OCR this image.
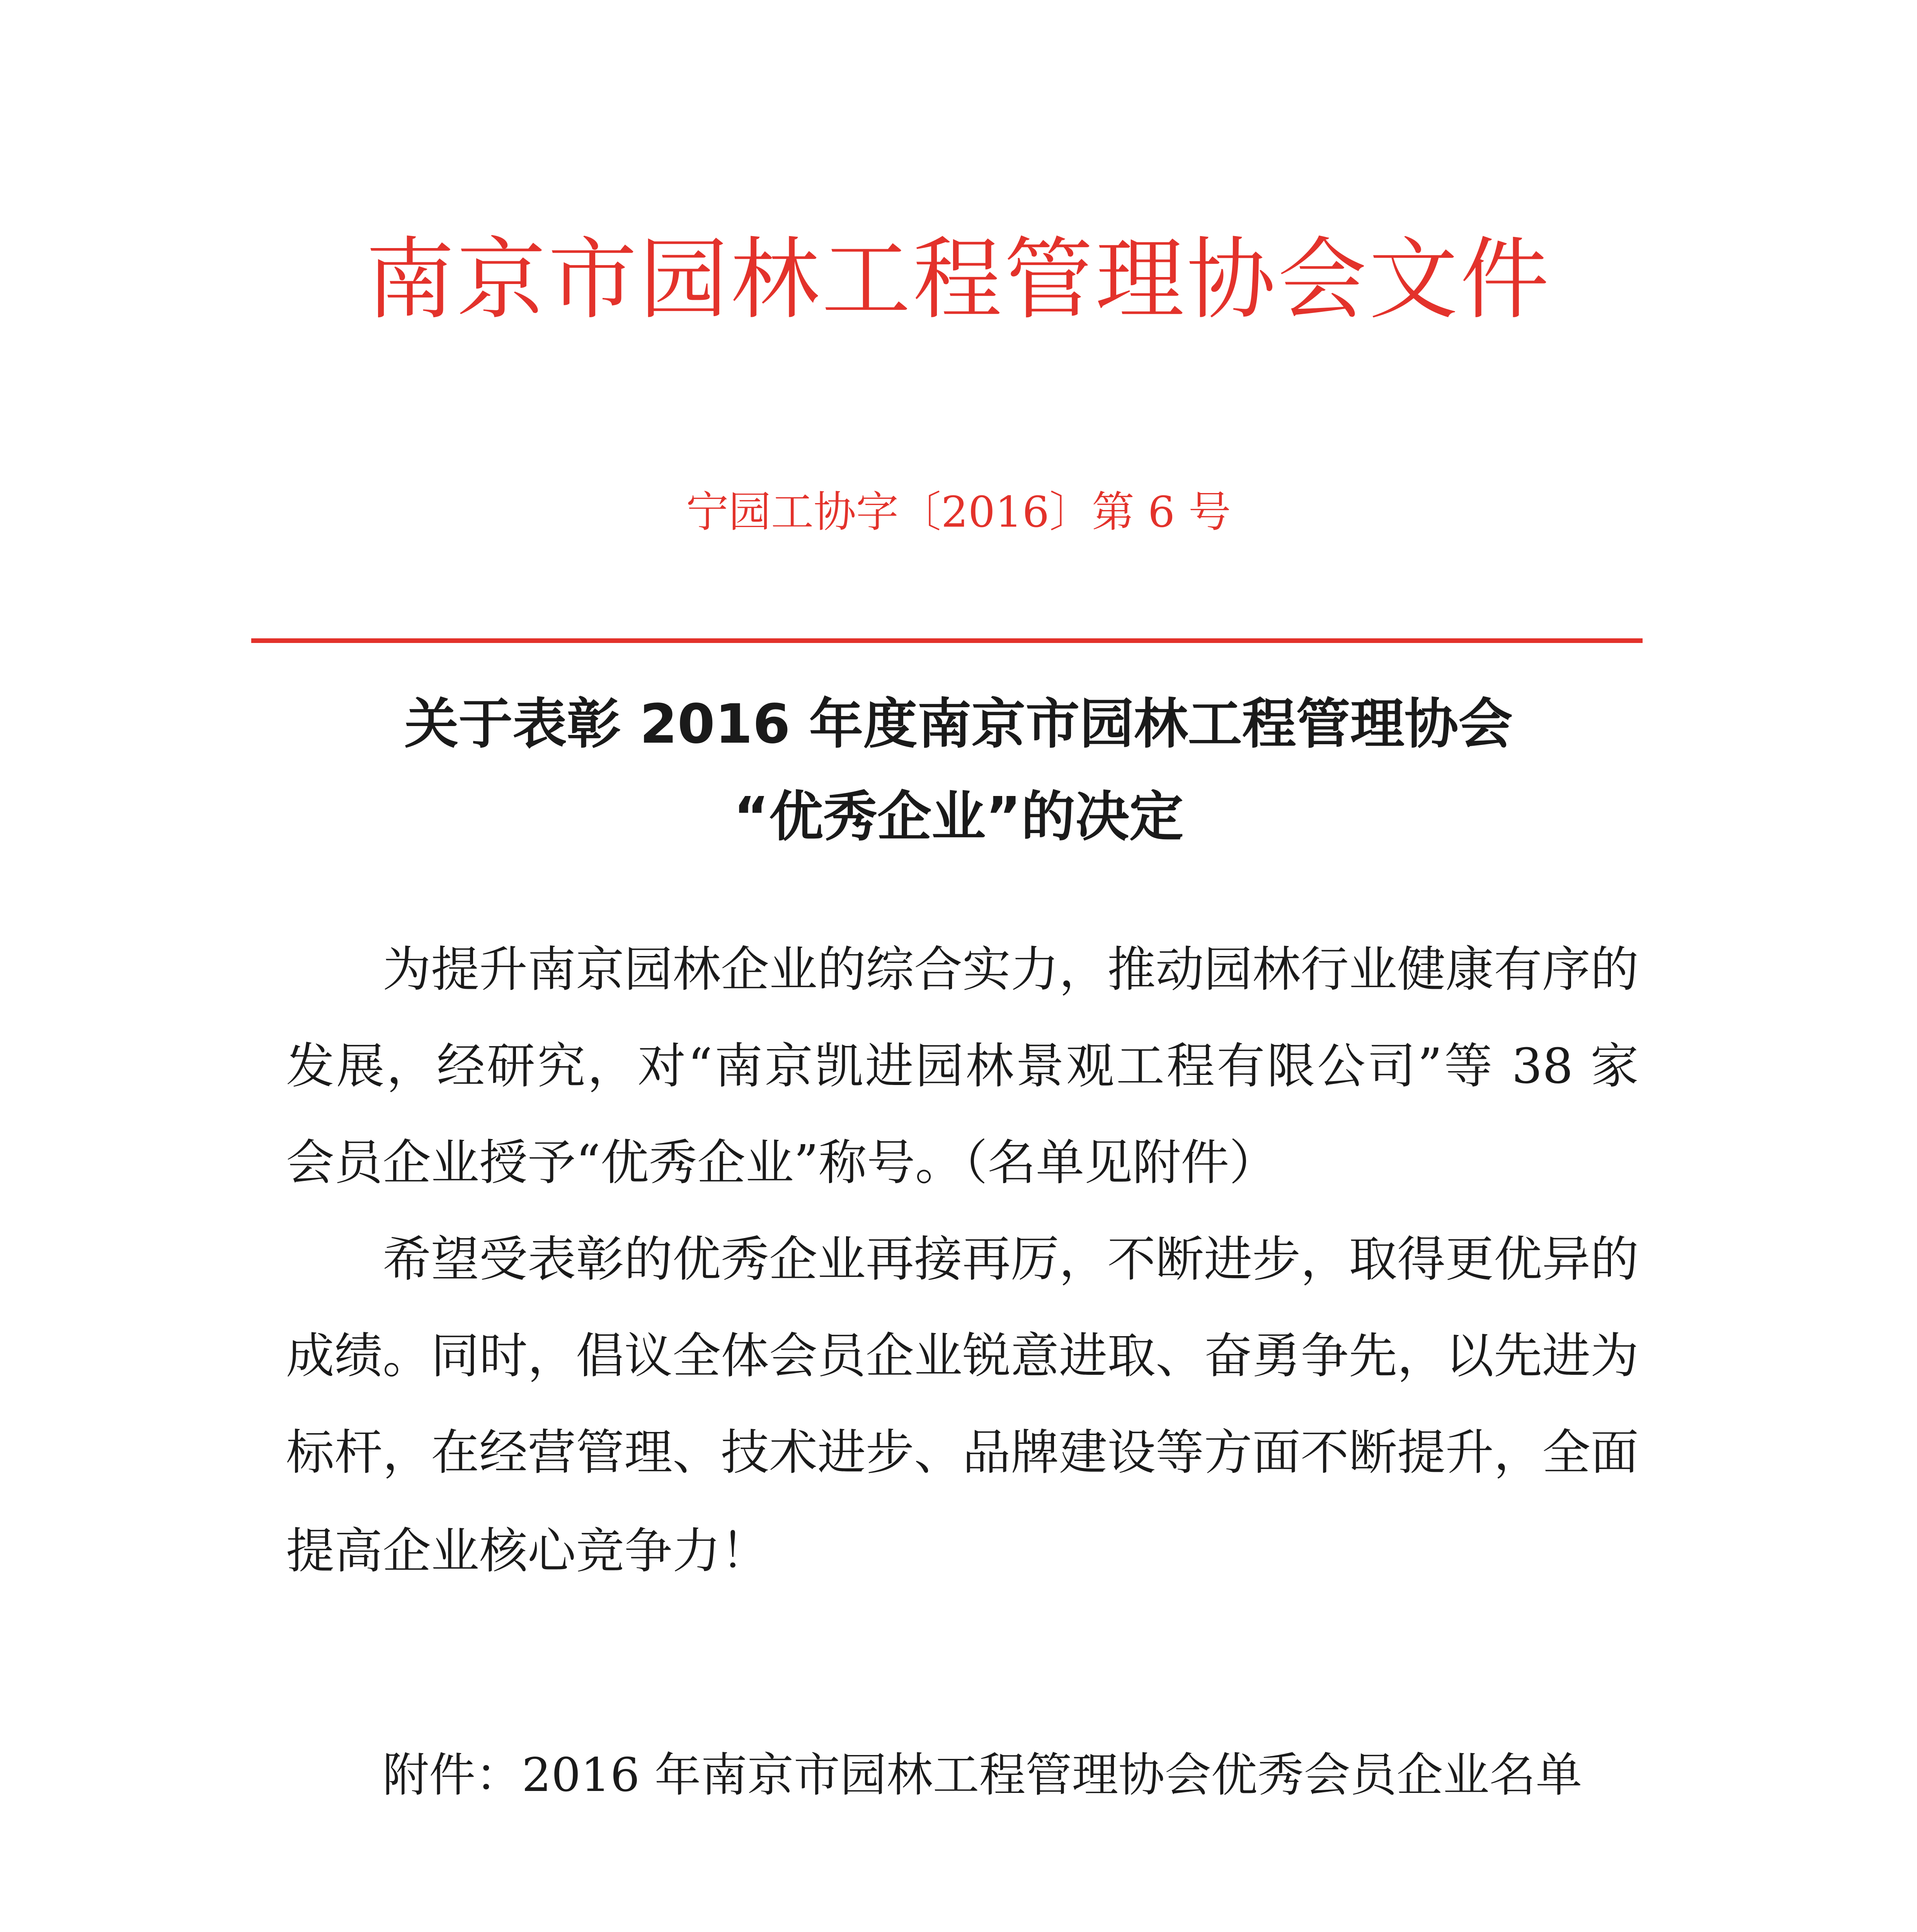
南京市园林工程管理协会文件
宁园工协字〔2016〕第 6 号
关于表彰 2016 年度南京市园林工程管理协会
“优秀企业”的决定
为提升南京园林企业的综合实力，推动园林行业健康有序的
发展，经研究，对“南京凯进园林景观工程有限公司”等 38 家
会员企业授予“优秀企业”称号。（名单见附件）
希望受表彰的优秀企业再接再厉，不断进步，取得更优异的
成绩。同时，倡议全体会员企业锐意进取、奋勇争先，以先进为
标杆，在经营管理、技术进步、品牌建设等方面不断提升，全面
提高企业核心竞争力！
附件：2016 年南京市园林工程管理协会优秀会员企业名单
